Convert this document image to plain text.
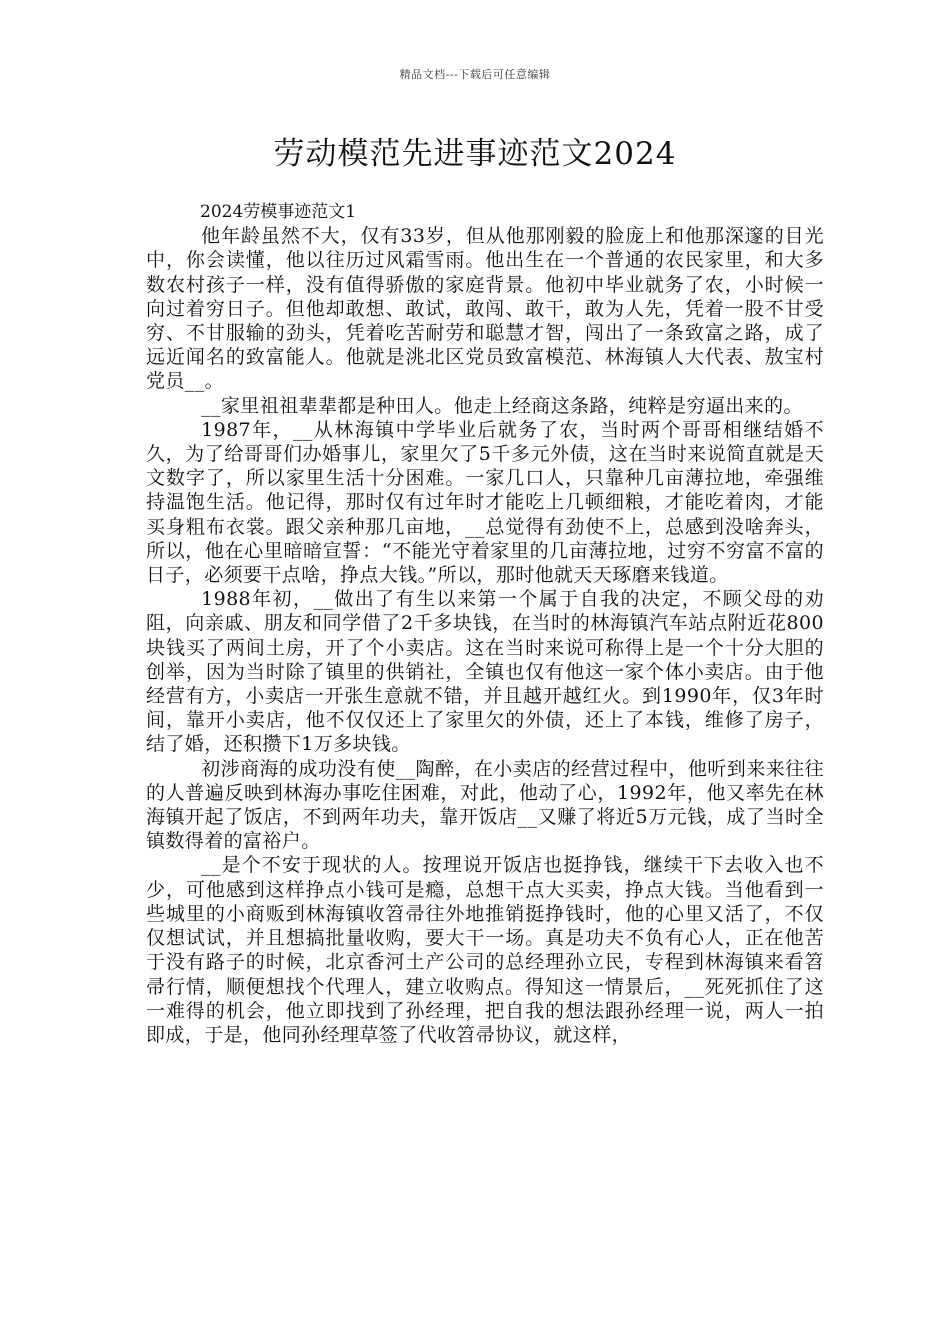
精品文档---下载后可任意编辑
劳动模范先进事迹范文2024

2024劳模事迹范文1

他年龄虽然不大，仅有33岁，但从他那刚毅的脸庞上和他那深邃的目光中，你会读懂，他以往历过风霜雪雨。他出生在一个普通的农民家里，和大多数农村孩子一样，没有值得骄傲的家庭背景。他初中毕业就务了农，小时候一向过着穷日子。但他却敢想、敢试，敢闯、敢干，敢为人先，凭着一股不甘受穷、不甘服输的劲头，凭着吃苦耐劳和聪慧才智，闯出了一条致富之路，成了远近闻名的致富能人。他就是洮北区党员致富模范、林海镇人大代表、敖宝村党员__。

__家里祖祖辈辈都是种田人。他走上经商这条路，纯粹是穷逼出来的。

1987年，__从林海镇中学毕业后就务了农，当时两个哥哥相继结婚不久，为了给哥哥们办婚事儿，家里欠了5千多元外债，这在当时来说简直就是天文数字了，所以家里生活十分困难。一家几口人，只靠种几亩薄拉地，牵强维持温饱生活。他记得，那时仅有过年时才能吃上几顿细粮，才能吃着肉，才能买身粗布衣裳。跟父亲种那几亩地，__总觉得有劲使不上，总感到没啥奔头，所以，他在心里暗暗宣誓：“不能光守着家里的几亩薄拉地，过穷不穷富不富的日子，必须要干点啥，挣点大钱。”所以，那时他就天天琢磨来钱道。

1988年初，__做出了有生以来第一个属于自我的决定，不顾父母的劝阻，向亲戚、朋友和同学借了2千多块钱，在当时的林海镇汽车站点附近花800块钱买了两间土房，开了个小卖店。这在当时来说可称得上是一个十分大胆的创举，因为当时除了镇里的供销社，全镇也仅有他这一家个体小卖店。由于他经营有方，小卖店一开张生意就不错，并且越开越红火。到1990年，仅3年时间，靠开小卖店，他不仅仅还上了家里欠的外债，还上了本钱，维修了房子，结了婚，还积攒下1万多块钱。

初涉商海的成功没有使__陶醉，在小卖店的经营过程中，他听到来来往往的人普遍反映到林海办事吃住困难，对此，他动了心，1992年，他又率先在林海镇开起了饭店，不到两年功夫，靠开饭店__又赚了将近5万元钱，成了当时全镇数得着的富裕户。

__是个不安于现状的人。按理说开饭店也挺挣钱，继续干下去收入也不少，可他感到这样挣点小钱可是瘾，总想干点大买卖，挣点大钱。当他看到一些城里的小商贩到林海镇收笤帚往外地推销挺挣钱时，他的心里又活了，不仅仅想试试，并且想搞批量收购，要大干一场。真是功夫不负有心人，正在他苦于没有路子的时候，北京香河土产公司的总经理孙立民，专程到林海镇来看笤帚行情，顺便想找个代理人，建立收购点。得知这一情景后，__死死抓住了这一难得的机会，他立即找到了孙经理，把自我的想法跟孙经理一说，两人一拍即成，于是，他同孙经理草签了代收笤帚协议，就这样，
